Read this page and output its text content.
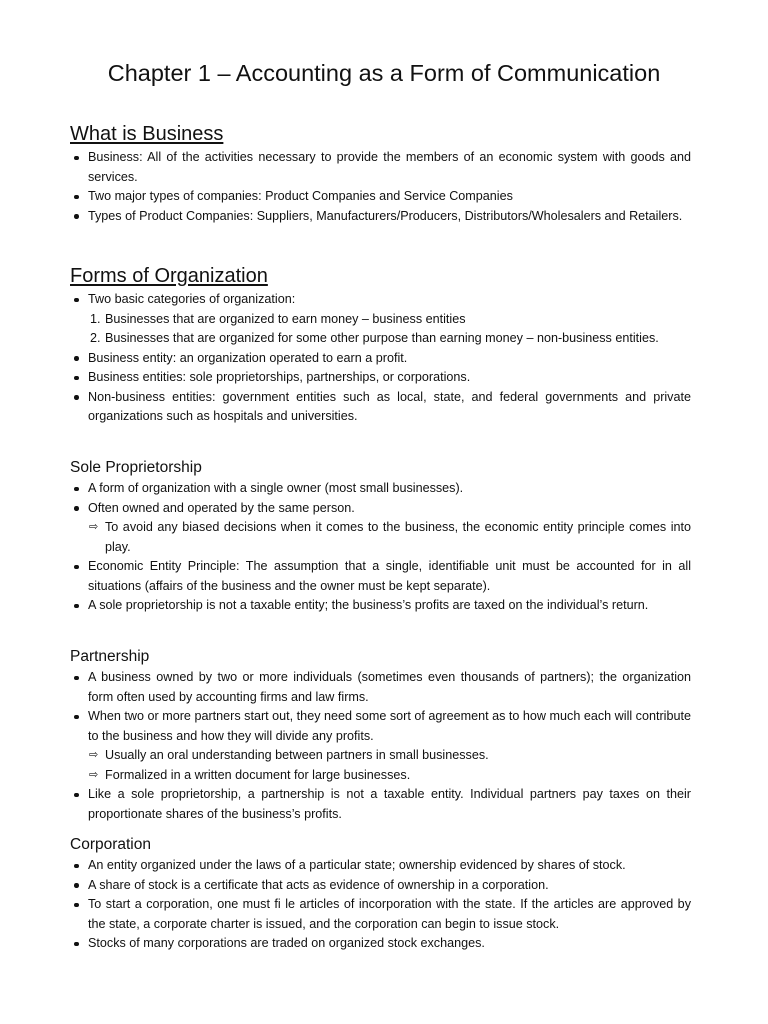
Chapter 1 – Accounting as a Form of Communication
What is Business
Business: All of the activities necessary to provide the members of an economic system with goods and services.
Two major types of companies: Product Companies and Service Companies
Types of Product Companies: Suppliers, Manufacturers/Producers, Distributors/Wholesalers and Retailers.
Forms of Organization
Two basic categories of organization:
1. Businesses that are organized to earn money – business entities
2. Businesses that are organized for some other purpose than earning money – non-business entities.
Business entity: an organization operated to earn a profit.
Business entities: sole proprietorships, partnerships, or corporations.
Non-business entities: government entities such as local, state, and federal governments and private organizations such as hospitals and universities.
Sole Proprietorship
A form of organization with a single owner (most small businesses).
Often owned and operated by the same person.
⇨ To avoid any biased decisions when it comes to the business, the economic entity principle comes into play.
Economic Entity Principle: The assumption that a single, identifiable unit must be accounted for in all situations (affairs of the business and the owner must be kept separate).
A sole proprietorship is not a taxable entity; the business’s profits are taxed on the individual’s return.
Partnership
A business owned by two or more individuals (sometimes even thousands of partners); the organization form often used by accounting firms and law firms.
When two or more partners start out, they need some sort of agreement as to how much each will contribute to the business and how they will divide any profits.
⇨ Usually an oral understanding between partners in small businesses.
⇨ Formalized in a written document for large businesses.
Like a sole proprietorship, a partnership is not a taxable entity. Individual partners pay taxes on their proportionate shares of the business’s profits.
Corporation
An entity organized under the laws of a particular state; ownership evidenced by shares of stock.
A share of stock is a certificate that acts as evidence of ownership in a corporation.
To start a corporation, one must fi le articles of incorporation with the state. If the articles are approved by the state, a corporate charter is issued, and the corporation can begin to issue stock.
Stocks of many corporations are traded on organized stock exchanges.
